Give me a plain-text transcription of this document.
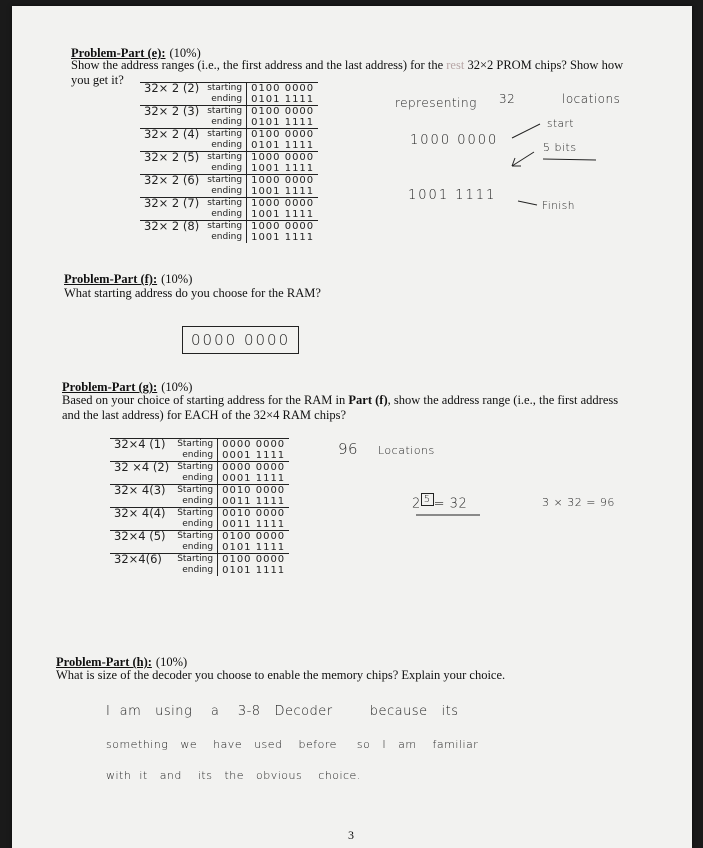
Problem-Part (e): (10%)
Show the address ranges (i.e., the first address and the last address) for the rest 32×2 PROM chips? Show how
you get it?
32× 2 (2)	starting	0100 0000
	ending	0101 1111
32× 2 (3)	starting	0100 0000
	ending	0101 1111
32× 2 (4)	starting	0100 0000
	ending	0101 1111
32× 2 (5)	starting	1000 0000
	ending	1001 1111
32× 2 (6)	starting	1000 0000
	ending	1001 1111
32× 2 (7)	starting	1000 0000
	ending	1001 1111
32× 2 (8)	starting	1000 0000
	ending	1001 1111
representing 32	locations
1000 0000
start
5 bits
1001 1111
Finish
Problem-Part (f): (10%)
What starting address do you choose for the RAM?
0000 0000
Problem-Part (g): (10%)
Based on your choice of starting address for the RAM in Part (f), show the address range (i.e., the first address
and the last address) for EACH of the 32×4 RAM chips?
32×4 (1)	Starting	0000 0000
	ending	0001 1111
32 ×4 (2)	Starting	0000 0000
	ending	0001 1111
32× 4(3)	Starting	0010 0000
	ending	0011 1111
32× 4(4)	Starting	0010 0000
	ending	0011 1111
32×4 (5)	Starting	0100 0000
	ending	0101 1111
32×4(6)	Starting	0100 0000
	ending	0101 1111
96 Locations
2 $^5$ = 32	3 × 32 = 96
Problem-Part (h): (10%)
What is size of the decoder you choose to enable the memory chips? Explain your choice.
I  am   using    a    3-8   Decoder        because   its
something   we    have   used    before     so   I   am    familiar
with  it   and    its   the   obvious    choice.
3
